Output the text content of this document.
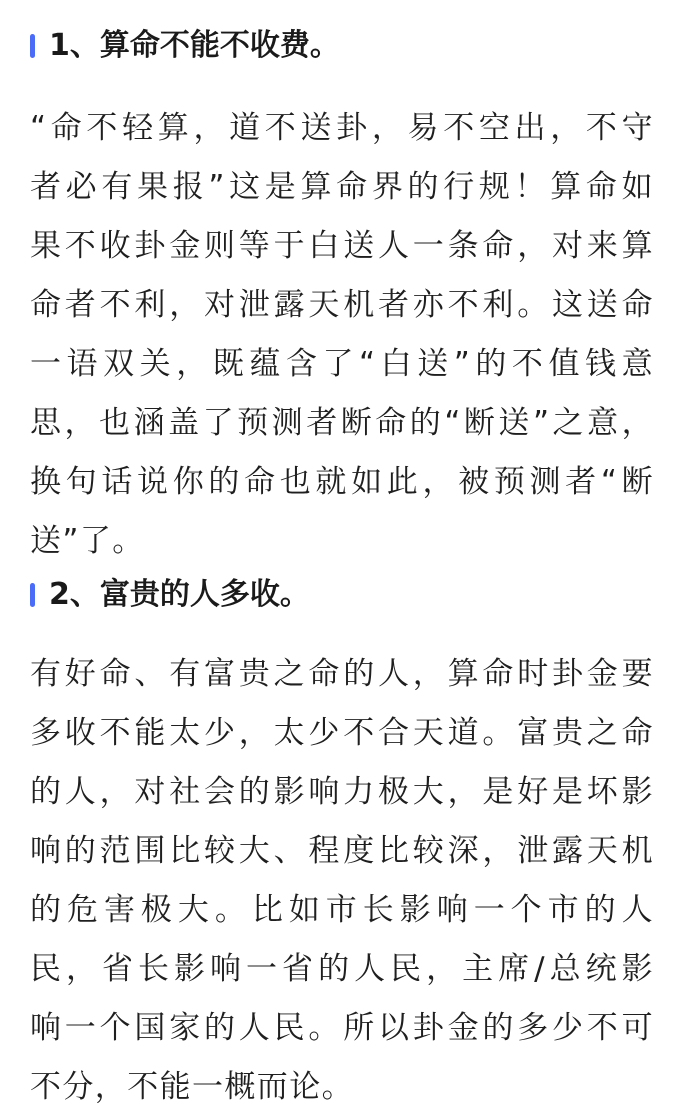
1、算命不能不收费。
“命不轻算，道不送卦，易不空出，不守
者必有果报”这是算命界的行规！算命如
果不收卦金则等于白送人一条命，对来算
命者不利，对泄露天机者亦不利。这送命
一语双关，既蕴含了“白送”的不值钱意
思，也涵盖了预测者断命的“断送”之意，
换句话说你的命也就如此，被预测者“断
送”了。
2、富贵的人多收。
有好命、有富贵之命的人，算命时卦金要
多收不能太少，太少不合天道。富贵之命
的人，对社会的影响力极大，是好是坏影
响的范围比较大、程度比较深，泄露天机
的危害极大。比如市长影响一个市的人
民，省长影响一省的人民，主席/总统影
响一个国家的人民。所以卦金的多少不可
不分，不能一概而论。
